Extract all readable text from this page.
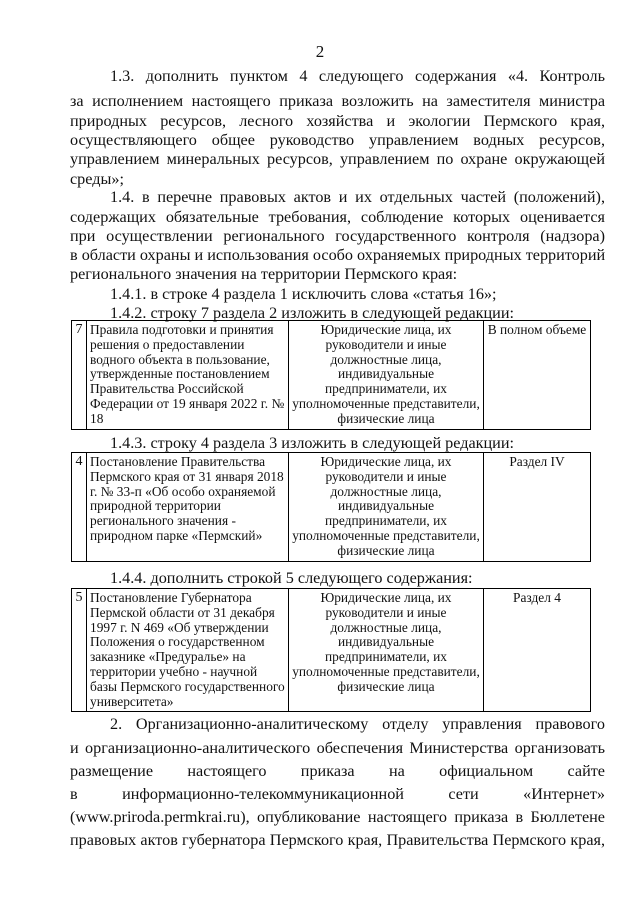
2
1.3. дополнить пунктом 4 следующего содержания «4. Контроль
за исполнением настоящего приказа возложить на заместителя министра
природных ресурсов, лесного хозяйства и экологии Пермского края,
осуществляющего общее руководство управлением водных ресурсов,
управлением минеральных ресурсов, управлением по охране окружающей
среды»;
1.4. в перечне правовых актов и их отдельных частей (положений),
содержащих обязательные требования, соблюдение которых оценивается
при осуществлении регионального государственного контроля (надзора)
в области охраны и использования особо охраняемых природных территорий
регионального значения на территории Пермского края:
1.4.1. в строке 4 раздела 1 исключить слова «статья 16»;
1.4.2. строку 7 раздела 2 изложить в следующей редакции:
7	Правила подготовки и принятия решения о предоставлении водного объекта в пользование, утвержденные постановлением Правительства Российской Федерации от 19 января 2022 г. № 18	Юридические лица, их руководители и иные должностные лица, индивидуальные предприниматели, их уполномоченные представители, физические лица	В полном объеме
1.4.3. строку 4 раздела 3 изложить в следующей редакции:
4	Постановление Правительства Пермского края от 31 января 2018 г. № 33-п «Об особо охраняемой природной территории регионального значения - природном парке «Пермский»	Юридические лица, их руководители и иные должностные лица, индивидуальные предприниматели, их уполномоченные представители, физические лица	Раздел IV
1.4.4. дополнить строкой 5 следующего содержания:
5	Постановление Губернатора Пермской области от 31 декабря 1997 г. N 469 «Об утверждении Положения о государственном заказнике «Предуралье» на территории учебно - научной базы Пермского государственного университета»	Юридические лица, их руководители и иные должностные лица, индивидуальные предприниматели, их уполномоченные представители, физические лица	Раздел 4
2. Организационно-аналитическому отделу управления правового
и организационно-аналитического обеспечения Министерства организовать
размещение настоящего приказа на официальном сайте
в информационно-телекоммуникационной сети «Интернет»
(www.priroda.permkrai.ru), опубликование настоящего приказа в Бюллетене
правовых актов губернатора Пермского края, Правительства Пермского края,
